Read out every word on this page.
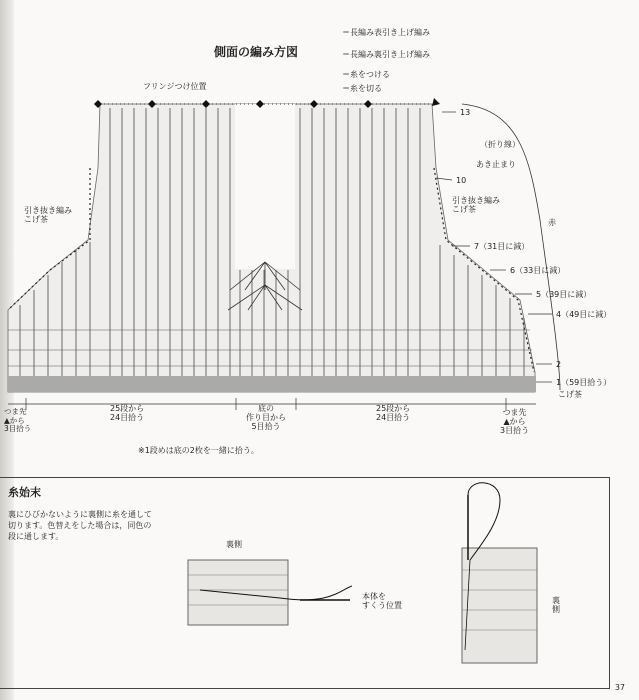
側面の編み方図
＝長編み表引き上げ編み
＝長編み裏引き上げ編み
＝糸をつける
＝糸を切る
フリンジつけ位置
引き抜き編み
こげ茶
引き抜き編み
こげ茶
（折り線）
あき止まり
赤
13
10
7（31目に減）
6（33目に減）
5（39目に減）
4（49目に減）
2
1（59目拾う）
こげ茶
つま先
▲から
3目拾う
25段から
24目拾う
底の
作り目から
5目拾う
25段から
24目拾う
つま先
▲から
3目拾う
※1段めは底の2枚を一緒に拾う。
糸始末
裏にひびかないように裏側に糸を通して切ります。色替えをした場合は，同色の段に通します。
裏側
本体を
すくう位置
裏側
37
